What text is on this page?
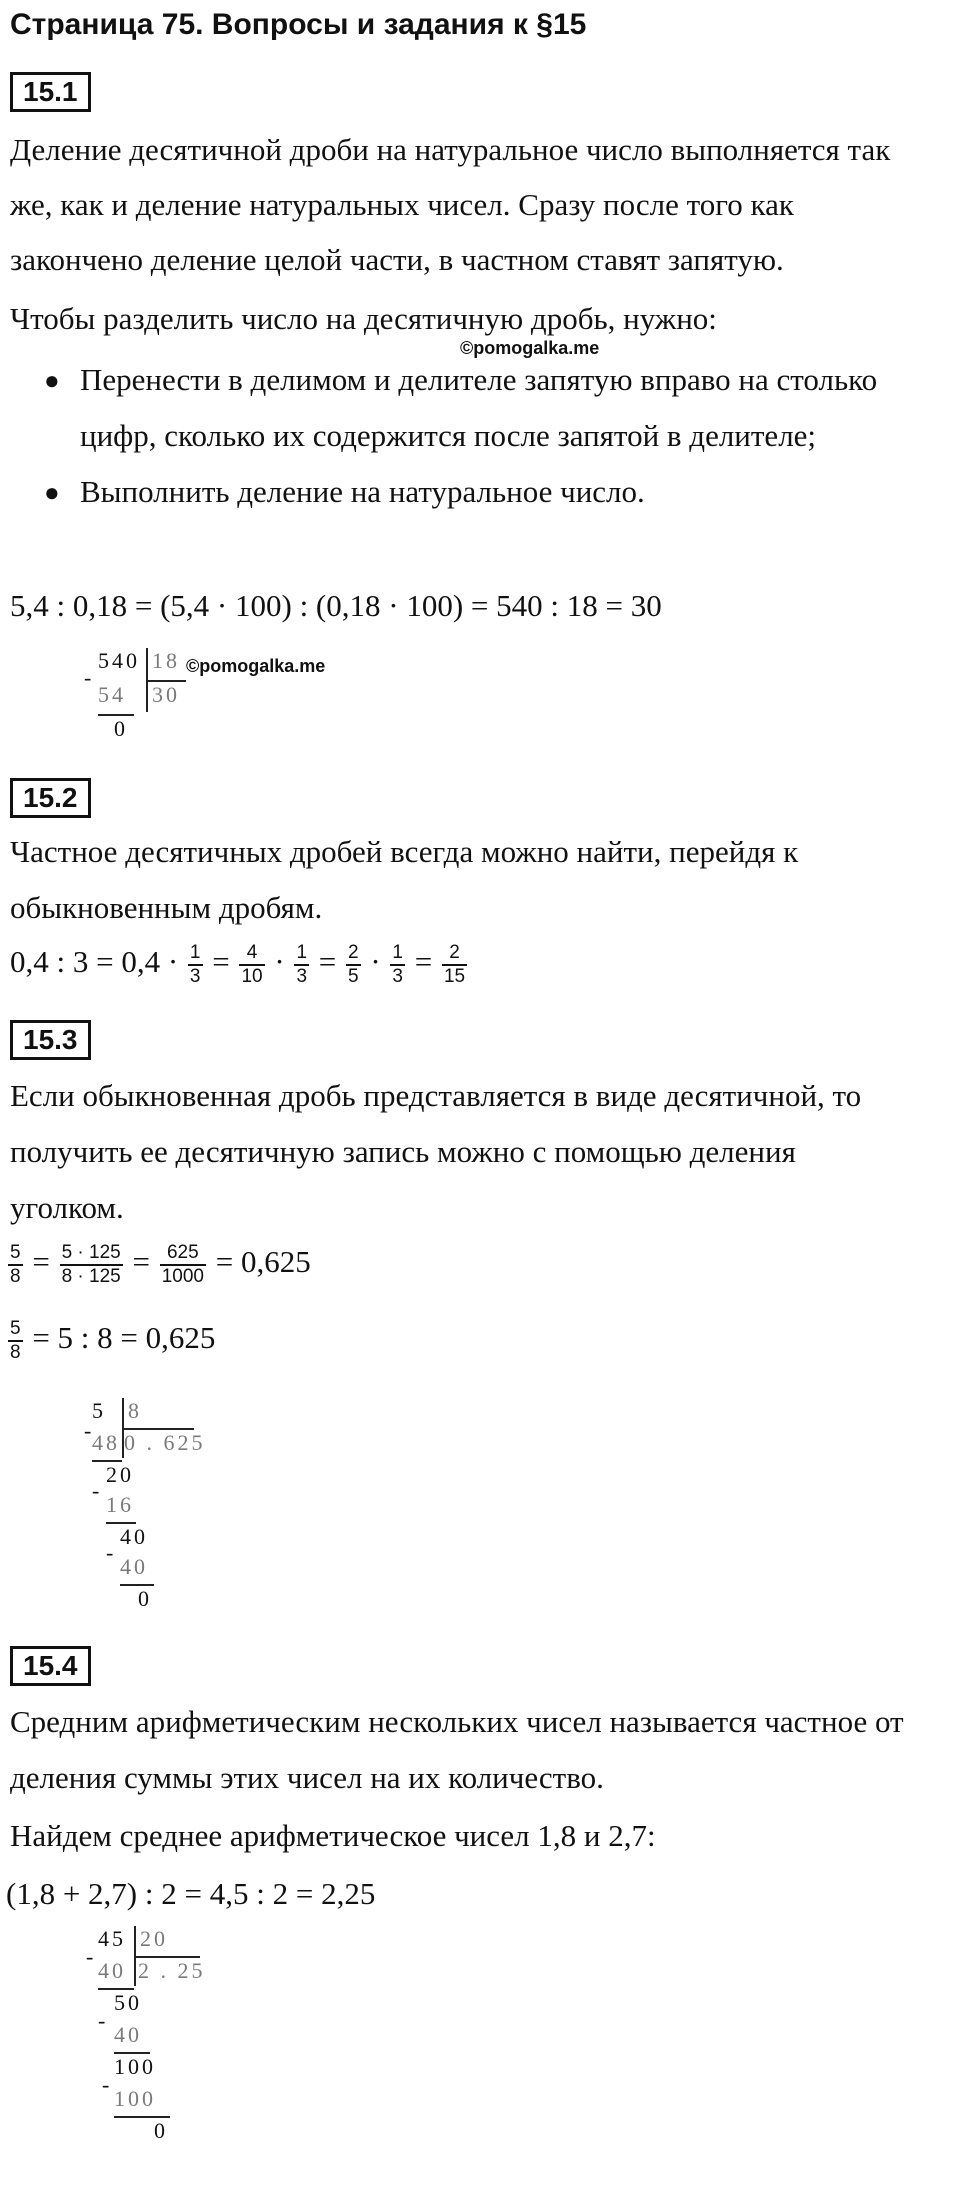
Страница 75. Вопросы и задания к §15
15.1
Деление десятичной дроби на натуральное число выполняется так
же, как и деление натуральных чисел. Сразу после того как
закончено деление целой части, в частном ставят запятую.
Чтобы разделить число на десятичную дробь, нужно:
©pomogalka.me
● Перенести в делимом и делителе запятую вправо на столько
цифр, сколько их содержится после запятой в делителе;
● Выполнить деление на натуральное число.
5,4 : 0,18 = (5,4 · 100) : (0,18 · 100) = 540 : 18 = 30
-
540 18 ©pomogalka.me
54 30
0
15.2
Частное десятичных дробей всегда можно найти, перейдя к
обыкновенным дробям.
0,4 : $3 = 0,4 \cdot \frac{1}{3} = \frac{4}{10} \cdot \frac{1}{3} = \frac{2}{5} \cdot \frac{1}{3} = \frac{2}{15}$
15.3
Если обыкновенная дробь представляется в виде десятичной, то
получить ее десятичную запись можно с помощью деления
уголком.
$\frac{5}{8} = \frac{5 \cdot 125}{8 \cdot 125} = \frac{625}{1000} = 0,625$
$\frac{5}{8} = 5$ : 8 = 0,625
5 8
-
48 0 . 625
20
-
16
40
-
40
0
15.4
Средним арифметическим нескольких чисел называется частное от
деления суммы этих чисел на их количество.
Найдем среднее арифметическое чисел 1,8 и 2,7:
(1,8 + 2,7) : 2 = 4,5 : 2 = 2,25
45 20
-
40 2 . 25
50
-
40
100
-
100
0
